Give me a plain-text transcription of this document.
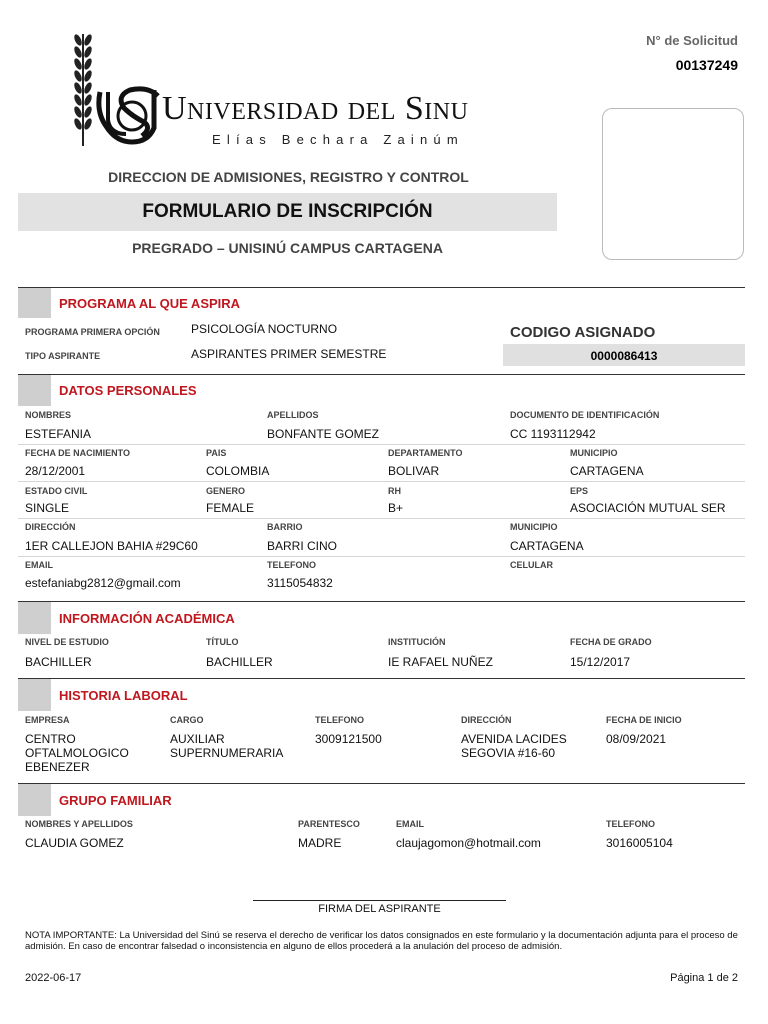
Universidad del Sinu
Elías Bechara Zainúm
N° de Solicitud
00137249
DIRECCION DE ADMISIONES, REGISTRO Y CONTROL
FORMULARIO DE INSCRIPCIÓN
PREGRADO – UNISINÚ CAMPUS CARTAGENA
PROGRAMA AL QUE ASPIRA
PROGRAMA PRIMERA OPCIÓN	PSICOLOGÍA NOCTURNO
TIPO ASPIRANTE	ASPIRANTES PRIMER SEMESTRE
CODIGO ASIGNADO
0000086413
DATOS PERSONALES
NOMBRES
ESTEFANIA
APELLIDOS
BONFANTE GOMEZ
DOCUMENTO DE IDENTIFICACIÓN
CC 1193112942
FECHA DE NACIMIENTO
28/12/2001
PAIS
COLOMBIA
DEPARTAMENTO
BOLIVAR
MUNICIPIO
CARTAGENA
ESTADO CIVIL
SINGLE
GENERO
FEMALE
RH
B+
EPS
ASOCIACIÓN MUTUAL SER
DIRECCIÓN
1ER CALLEJON BAHIA #29C60
BARRIO
BARRI CINO
MUNICIPIO
CARTAGENA
EMAIL
estefaniabg2812@gmail.com
TELEFONO
3115054832
CELULAR
INFORMACIÓN ACADÉMICA
NIVEL DE ESTUDIO
BACHILLER
TÍTULO
BACHILLER
INSTITUCIÓN
IE RAFAEL NUÑEZ
FECHA DE GRADO
15/12/2017
HISTORIA LABORAL
EMPRESA
CENTRO
OFTALMOLOGICO
EBENEZER
CARGO
AUXILIAR
SUPERNUMERARIA
TELEFONO
3009121500
DIRECCIÓN
AVENIDA LACIDES
SEGOVIA #16-60
FECHA DE INICIO
08/09/2021
GRUPO FAMILIAR
NOMBRES Y APELLIDOS
CLAUDIA GOMEZ
PARENTESCO
MADRE
EMAIL
claujagomon@hotmail.com
TELEFONO
3016005104
FIRMA DEL ASPIRANTE
NOTA IMPORTANTE: La Universidad del Sinú se reserva el derecho de verificar los datos consignados en este formulario y la documentación adjunta para el proceso de admisión. En caso de encontrar falsedad o inconsistencia en alguno de ellos procederá a la anulación del proceso de admisión.
2022-06-17	Página 1 de 2
